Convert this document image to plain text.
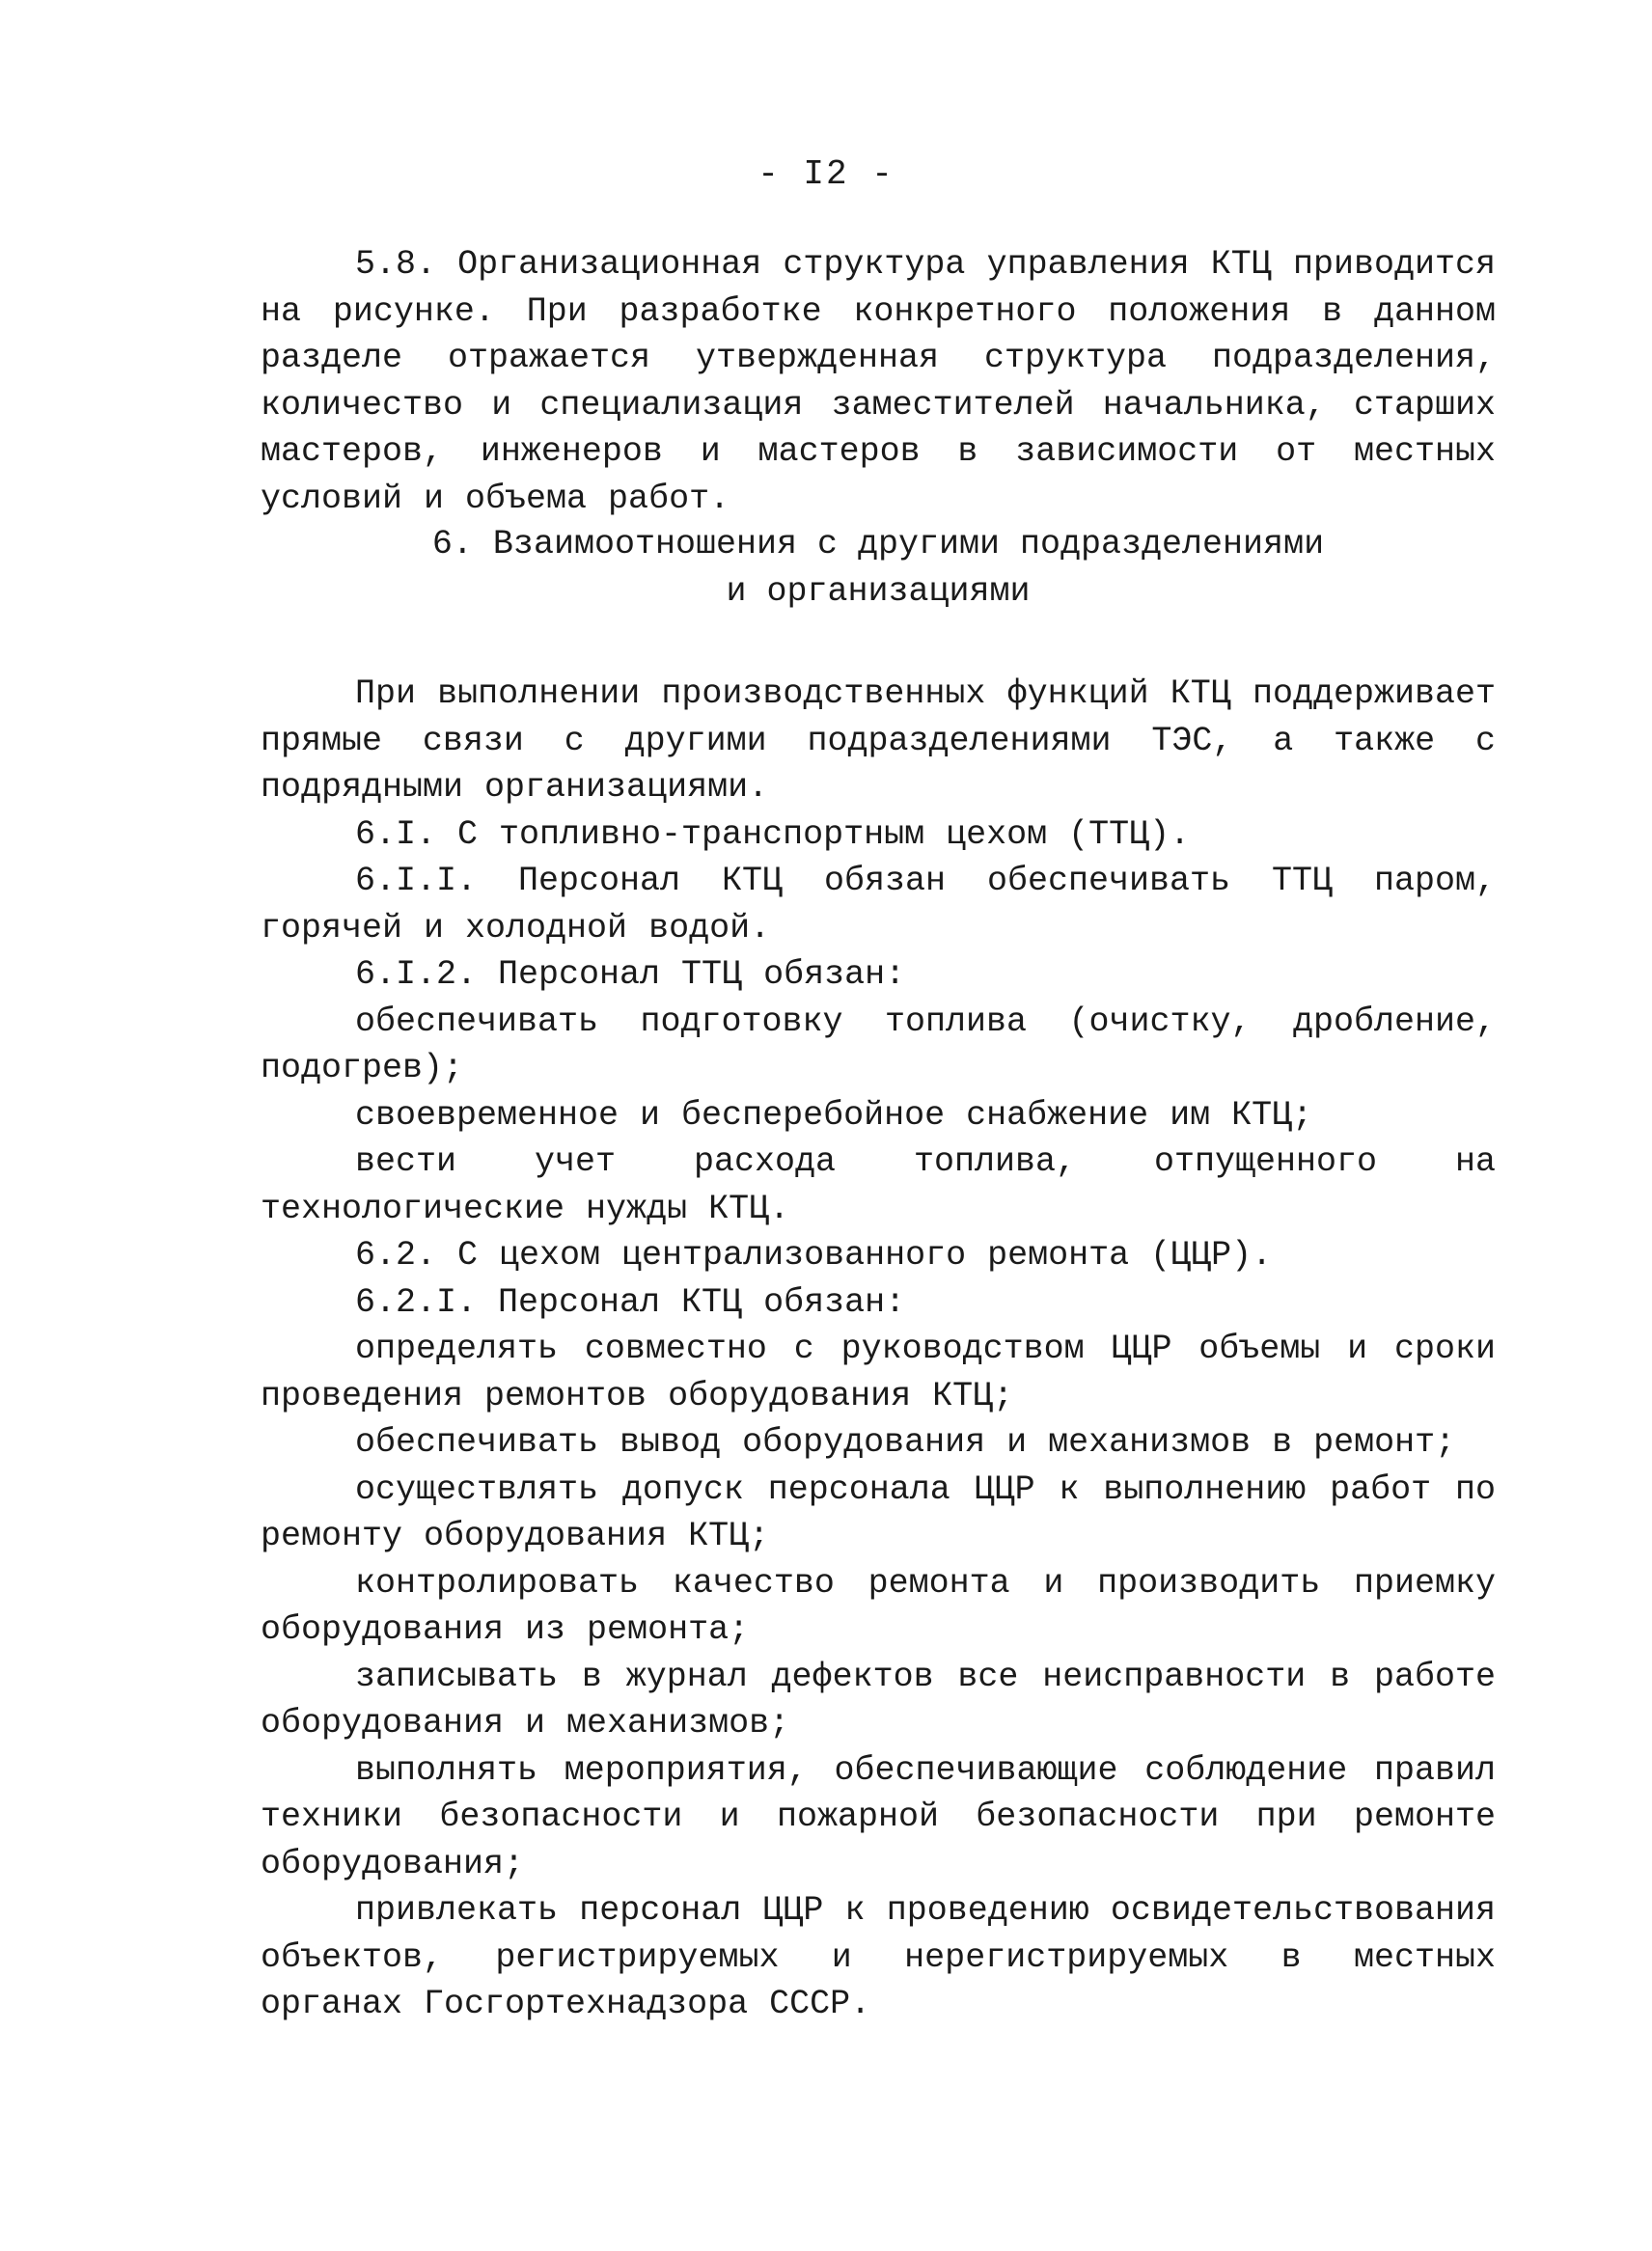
- I2 -

5.8. Организационная структура управления КТЦ приводится на рисунке. При разработке конкретного положения в данном разделе отражается утвержденная структура подразделения, количество и специализация заместителей начальника, старших мастеров, инженеров и мастеров в зависимости от местных условий и объема работ.

6. Взаимоотношения с другими подразделениями
и организациями

При выполнении производственных функций КТЦ поддерживает прямые связи с другими подразделениями ТЭС, а также с подрядными организациями.

6.I. С топливно-транспортным цехом (ТТЦ).

6.I.I. Персонал КТЦ обязан обеспечивать ТТЦ паром, горячей и холодной водой.

6.I.2. Персонал ТТЦ обязан:

обеспечивать подготовку топлива (очистку, дробление, подогрев);

своевременное и бесперебойное снабжение им КТЦ;

вести учет расхода топлива, отпущенного на технологические нужды КТЦ.

6.2. С цехом централизованного ремонта (ЦЦР).

6.2.I. Персонал КТЦ обязан:

определять совместно с руководством ЦЦР объемы и сроки проведения ремонтов оборудования КТЦ;

обеспечивать вывод оборудования и механизмов в ремонт;

осуществлять допуск персонала ЦЦР к выполнению работ по ремонту оборудования КТЦ;

контролировать качество ремонта и производить приемку оборудования из ремонта;

записывать в журнал дефектов все неисправности в работе оборудования и механизмов;

выполнять мероприятия, обеспечивающие соблюдение правил техники безопасности и пожарной безопасности при ремонте оборудования;

привлекать персонал ЦЦР к проведению освидетельствования объектов, регистрируемых и нерегистрируемых в местных органах Госгортехнадзора СССР.
